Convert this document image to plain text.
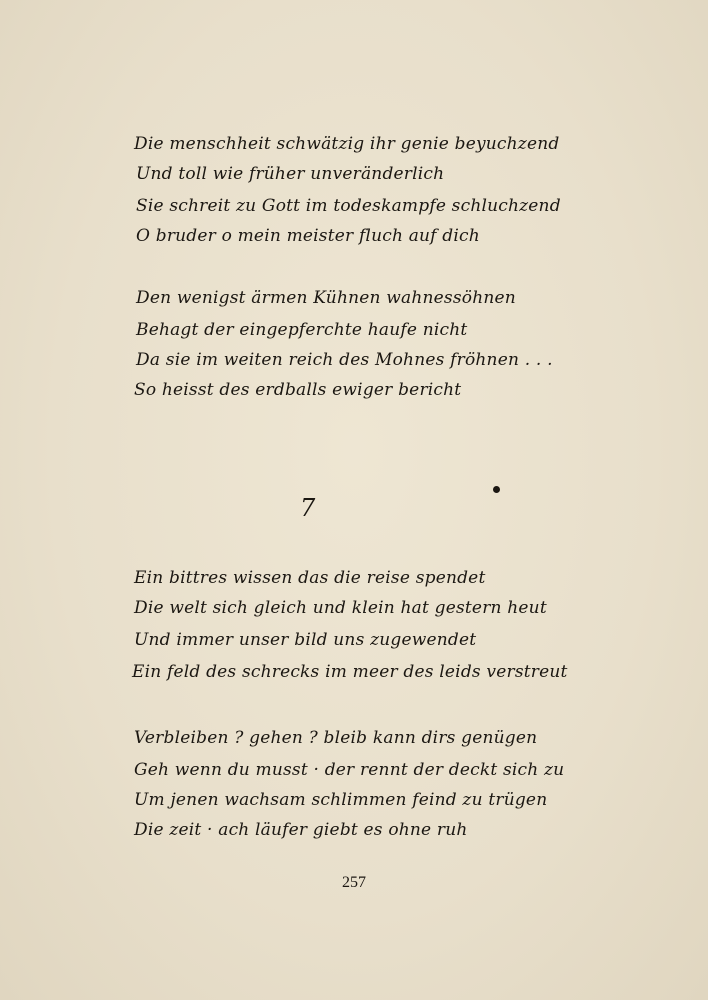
Die menschheit schwätzig ihr genie beyuchzend
Und toll wie früher unveränderlich
Sie schreit zu Gott im todeskampfe schluchzend
O bruder o mein meister fluch auf dich
Den wenigst ärmen Kühnen wahnessöhnen
Behagt der eingepferchte haufe nicht
Da sie im weiten reich des Mohnes fröhnen . . .
So heisst des erdballs ewiger bericht
7
Ein bittres wissen das die reise spendet
Die welt sich gleich und klein hat gestern heut
Und immer unser bild uns zugewendet
Ein feld des schrecks im meer des leids verstreut
Verbleiben ? gehen ? bleib kann dirs genügen
Geh wenn du musst · der rennt der deckt sich zu
Um jenen wachsam schlimmen feind zu trügen
Die zeit · ach läufer giebt es ohne ruh
257
